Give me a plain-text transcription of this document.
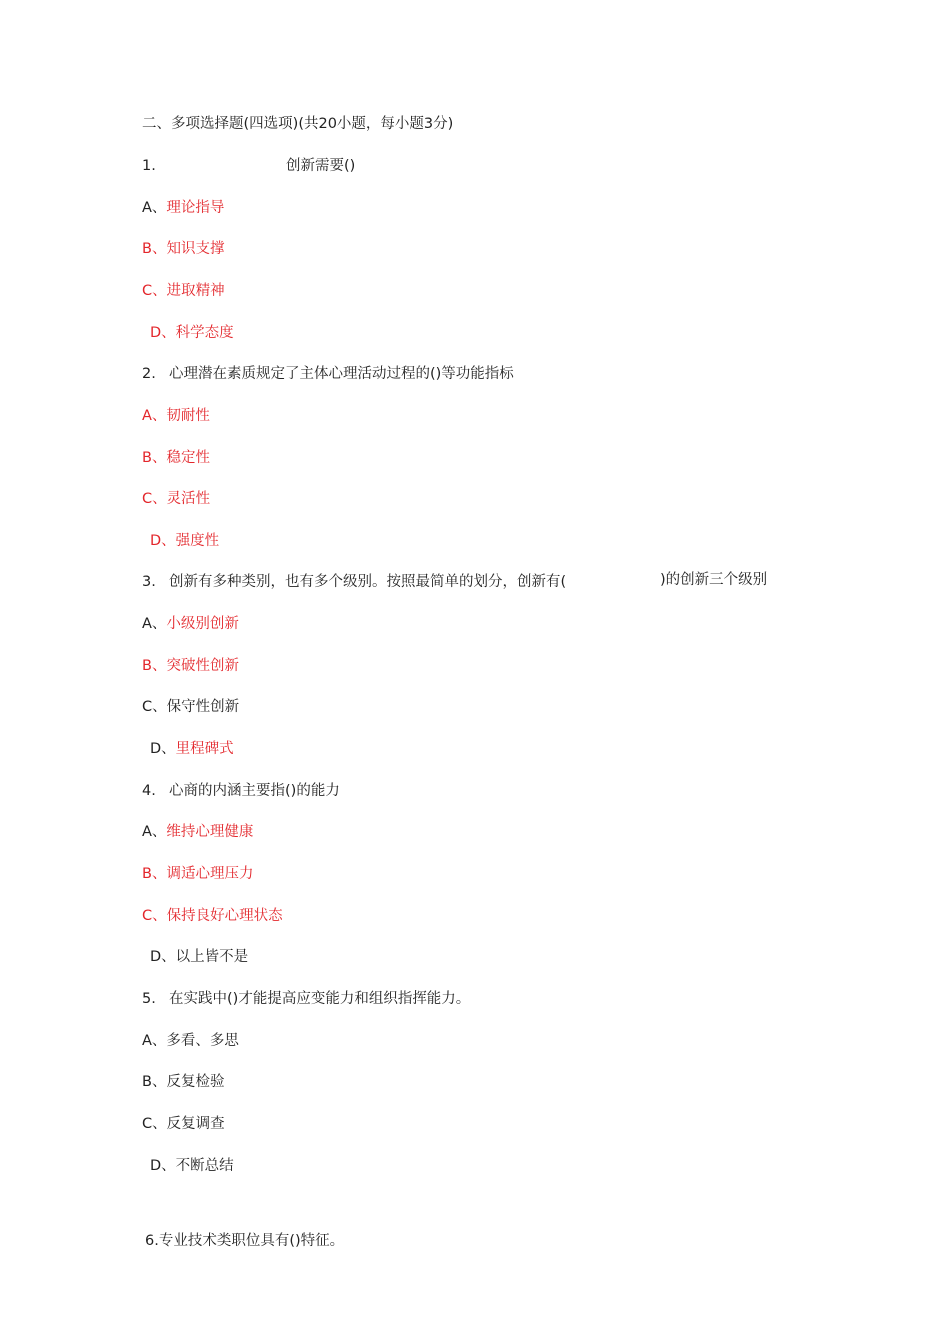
二、多项选择题(四选项)(共20小题，每小题3分)
1.	创新需要()
A、理论指导
B、知识支撑
C、进取精神
D、科学态度
2. 心理潜在素质规定了主体心理活动过程的()等功能指标
A、韧耐性
B、稳定性
C、灵活性
D、强度性
3. 创新有多种类别，也有多个级别。按照最简单的划分，创新有(	)的创新三个级别
A、小级别创新
B、突破性创新
C、保守性创新
D、里程碑式
4. 心商的内涵主要指()的能力
A、维持心理健康
B、调适心理压力
C、保持良好心理状态
D、以上皆不是
5. 在实践中()才能提高应变能力和组织指挥能力。
A、多看、多思
B、反复检验
C、反复调查
D、不断总结
6.专业技术类职位具有()特征。
